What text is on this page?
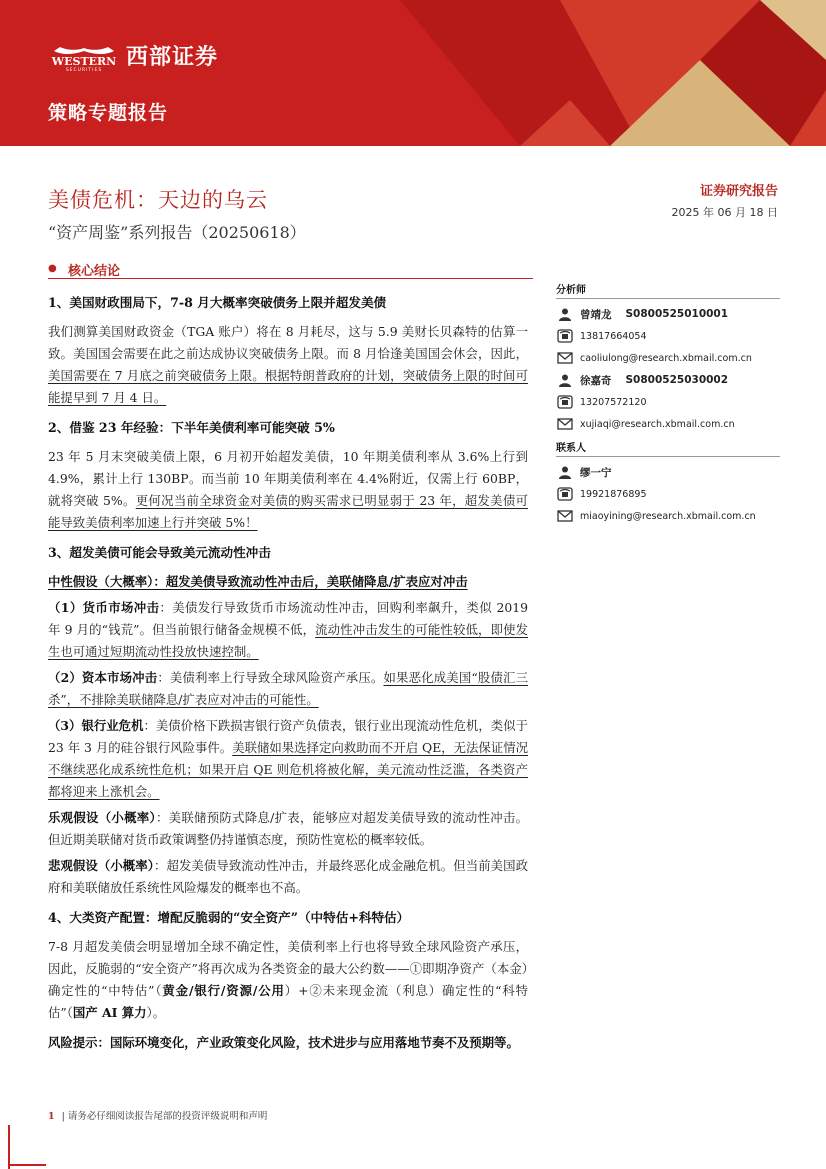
WESTERN
SECURITIES 西部证券
策略专题报告
美债危机：天边的乌云
“资产周鉴”系列报告（20250618）
证券研究报告
2025 年 06 月 18 日
● 核心结论
1、美国财政围局下，7-8 月大概率突破债务上限并超发美债

我们测算美国财政资金（TGA 账户）将在 8 月耗尽，这与 5.9 美财长贝森特的估算一致。美国国会需要在此之前达成协议突破债务上限。而 8 月恰逢美国国会休会，因此，美国需要在 7 月底之前突破债务上限。根据特朗普政府的计划，突破债务上限的时间可能提早到 7 月 4 日。

2、借鉴 23 年经验：下半年美债利率可能突破 5%

23 年 5 月末突破美债上限，6 月初开始超发美债，10 年期美债利率从 3.6%上行到 4.9%，累计上行 130BP。而当前 10 年期美债利率在 4.4%附近，仅需上行 60BP，就将突破 5%。更何况当前全球资金对美债的购买需求已明显弱于 23 年，超发美债可能导致美债利率加速上行并突破 5%！

3、超发美债可能会导致美元流动性冲击

中性假设（大概率）：超发美债导致流动性冲击后，美联储降息/扩表应对冲击

（1）货币市场冲击：美债发行导致货币市场流动性冲击，回购利率飙升，类似 2019 年 9 月的“钱荒”。但当前银行储备金规模不低，流动性冲击发生的可能性较低，即使发生也可通过短期流动性投放快速控制。

（2）资本市场冲击：美债利率上行导致全球风险资产承压。如果恶化成美国“股债汇三杀”，不排除美联储降息/扩表应对冲击的可能性。

（3）银行业危机：美债价格下跌损害银行资产负债表，银行业出现流动性危机，类似于 23 年 3 月的硅谷银行风险事件。美联储如果选择定向救助而不开启 QE，无法保证情况不继续恶化成系统性危机；如果开启 QE 则危机将被化解，美元流动性泛滥，各类资产都将迎来上涨机会。

乐观假设（小概率）：美联储预防式降息/扩表，能够应对超发美债导致的流动性冲击。但近期美联储对货币政策调整仍持谨慎态度，预防性宽松的概率较低。

悲观假设（小概率）：超发美债导致流动性冲击，并最终恶化成金融危机。但当前美国政府和美联储放任系统性风险爆发的概率也不高。

4、大类资产配置：增配反脆弱的“安全资产”（中特估+科特估）

7-8 月超发美债会明显增加全球不确定性，美债利率上行也将导致全球风险资产承压，因此，反脆弱的“安全资产”将再次成为各类资金的最大公约数——①即期净资产（本金）确定性的“中特估”（黄金/银行/资源/公用）+②未来现金流（利息）确定性的“科特估”（国产 AI 算力）。

风险提示：国际环境变化，产业政策变化风险，技术进步与应用落地节奏不及预期等。

分析师
曾靖龙 S0800525010001
13817664054
caoliulong@research.xbmail.com.cn
徐嘉奇 S0800525030002
13207572120
xujiaqi@research.xbmail.com.cn
联系人
缪一宁
19921876895
miaoyining@research.xbmail.com.cn
1 | 请务必仔细阅读报告尾部的投资评级说明和声明
